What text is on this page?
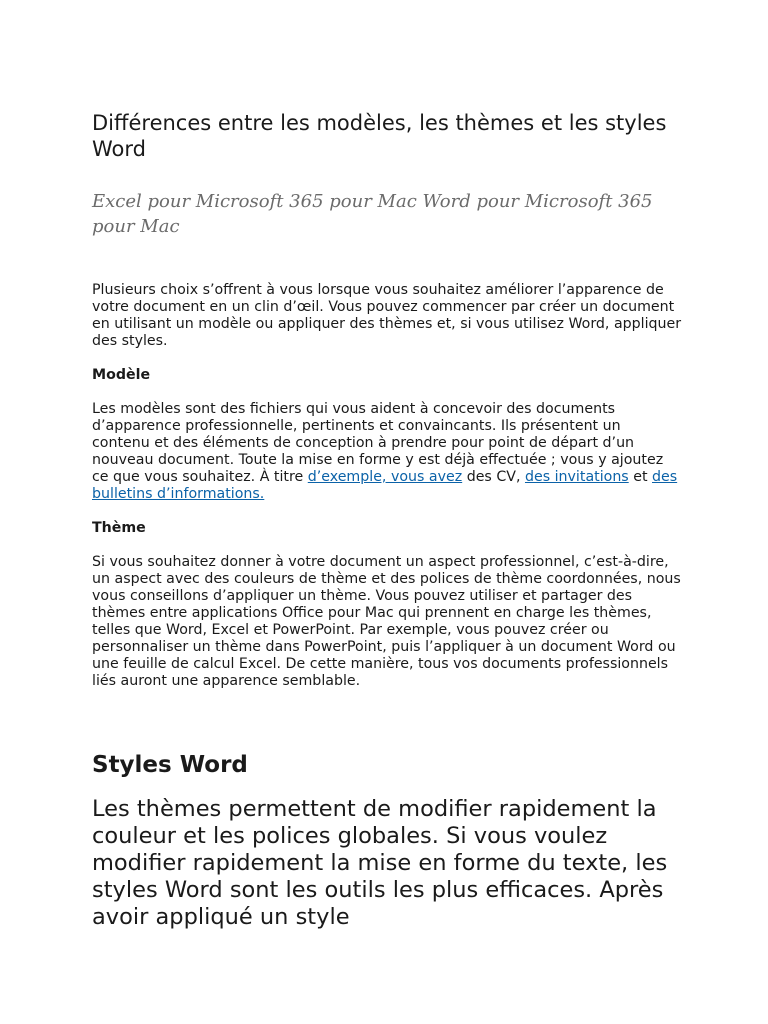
Différences entre les modèles, les thèmes et les styles Word
Excel pour Microsoft 365 pour Mac Word pour Microsoft 365 pour Mac

Plusieurs choix s’offrent à vous lorsque vous souhaitez améliorer l’apparence de votre document en un clin d’œil. Vous pouvez commencer par créer un document en utilisant un modèle ou appliquer des thèmes et, si vous utilisez Word, appliquer des styles.

Modèle

Les modèles sont des fichiers qui vous aident à concevoir des documents d’apparence professionnelle, pertinents et convaincants. Ils présentent un contenu et des éléments de conception à prendre pour point de départ d’un nouveau document. Toute la mise en forme y est déjà effectuée ; vous y ajoutez ce que vous souhaitez. À titre d’exemple, vous avez des CV, des invitations et des bulletins d’informations.

Thème

Si vous souhaitez donner à votre document un aspect professionnel, c’est-à-dire, un aspect avec des couleurs de thème et des polices de thème coordonnées, nous vous conseillons d’appliquer un thème. Vous pouvez utiliser et partager des thèmes entre applications Office pour Mac qui prennent en charge les thèmes, telles que Word, Excel et PowerPoint. Par exemple, vous pouvez créer ou personnaliser un thème dans PowerPoint, puis l’appliquer à un document Word ou une feuille de calcul Excel. De cette manière, tous vos documents professionnels liés auront une apparence semblable.

Styles Word

Les thèmes permettent de modifier rapidement la couleur et les polices globales. Si vous voulez modifier rapidement la mise en forme du texte, les styles Word sont les outils les plus efficaces. Après avoir appliqué un style
